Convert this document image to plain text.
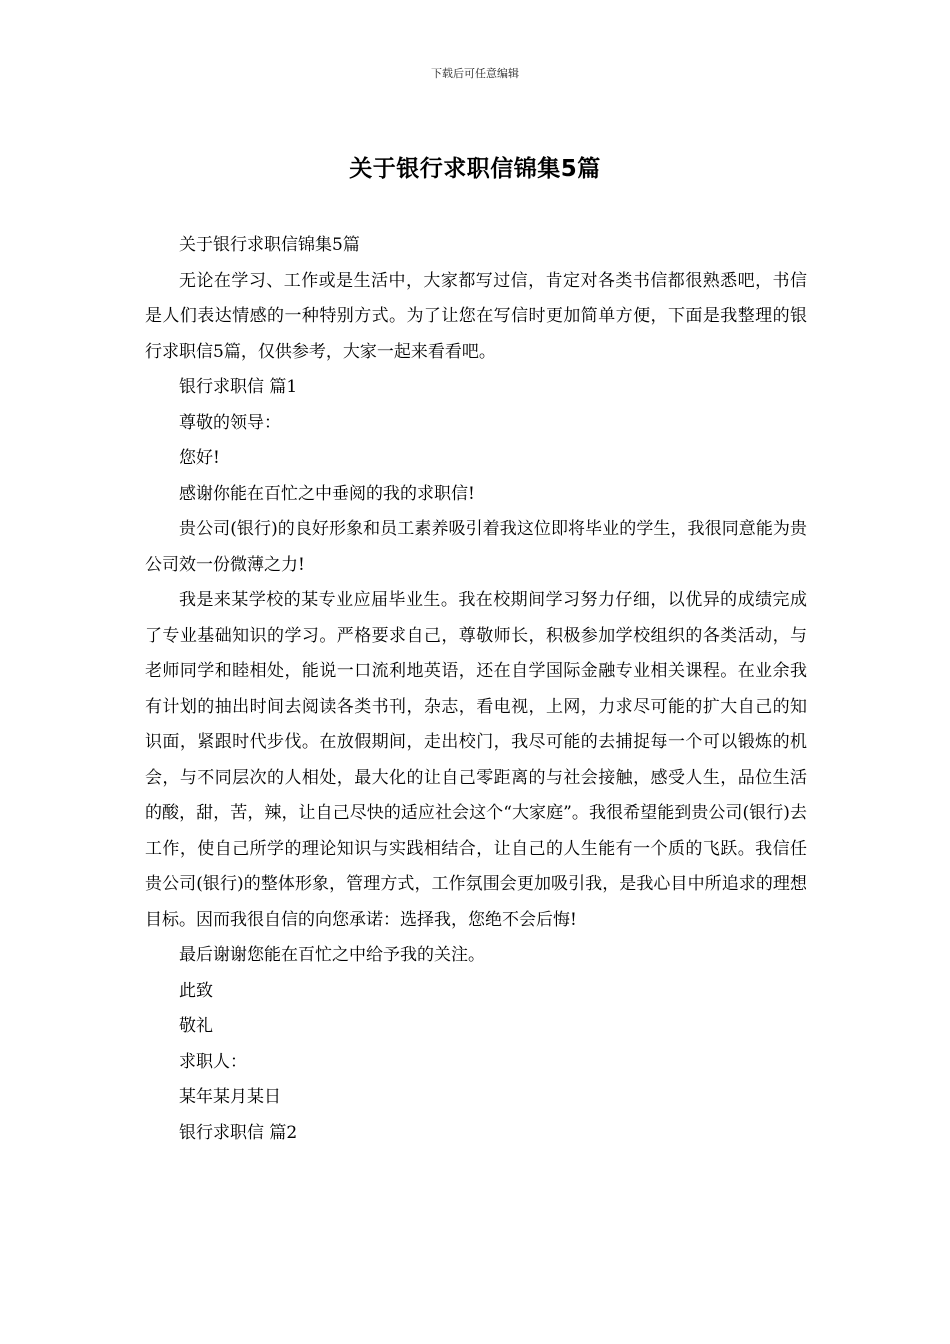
下载后可任意编辑
关于银行求职信锦集5篇

关于银行求职信锦集5篇

无论在学习、工作或是生活中，大家都写过信，肯定对各类书信都很熟悉吧，书信是人们表达情感的一种特别方式。为了让您在写信时更加简单方便，下面是我整理的银行求职信5篇，仅供参考，大家一起来看看吧。

银行求职信 篇1

尊敬的领导：

您好!

感谢你能在百忙之中垂阅的我的求职信!

贵公司(银行)的良好形象和员工素养吸引着我这位即将毕业的学生，我很同意能为贵公司效一份微薄之力!

我是来某学校的某专业应届毕业生。我在校期间学习努力仔细，以优异的成绩完成了专业基础知识的学习。严格要求自己，尊敬师长，积极参加学校组织的各类活动，与老师同学和睦相处，能说一口流利地英语，还在自学国际金融专业相关课程。在业余我有计划的抽出时间去阅读各类书刊，杂志，看电视，上网，力求尽可能的扩大自己的知识面，紧跟时代步伐。在放假期间，走出校门，我尽可能的去捕捉每一个可以锻炼的机会，与不同层次的人相处，最大化的让自己零距离的与社会接触，感受人生，品位生活的酸，甜，苦，辣，让自己尽快的适应社会这个“大家庭”。我很希望能到贵公司(银行)去工作，使自己所学的理论知识与实践相结合，让自己的人生能有一个质的飞跃。我信任贵公司(银行)的整体形象，管理方式，工作氛围会更加吸引我，是我心目中所追求的理想目标。因而我很自信的向您承诺：选择我，您绝不会后悔!

最后谢谢您能在百忙之中给予我的关注。

此致

敬礼

求职人：

某年某月某日

银行求职信 篇2
